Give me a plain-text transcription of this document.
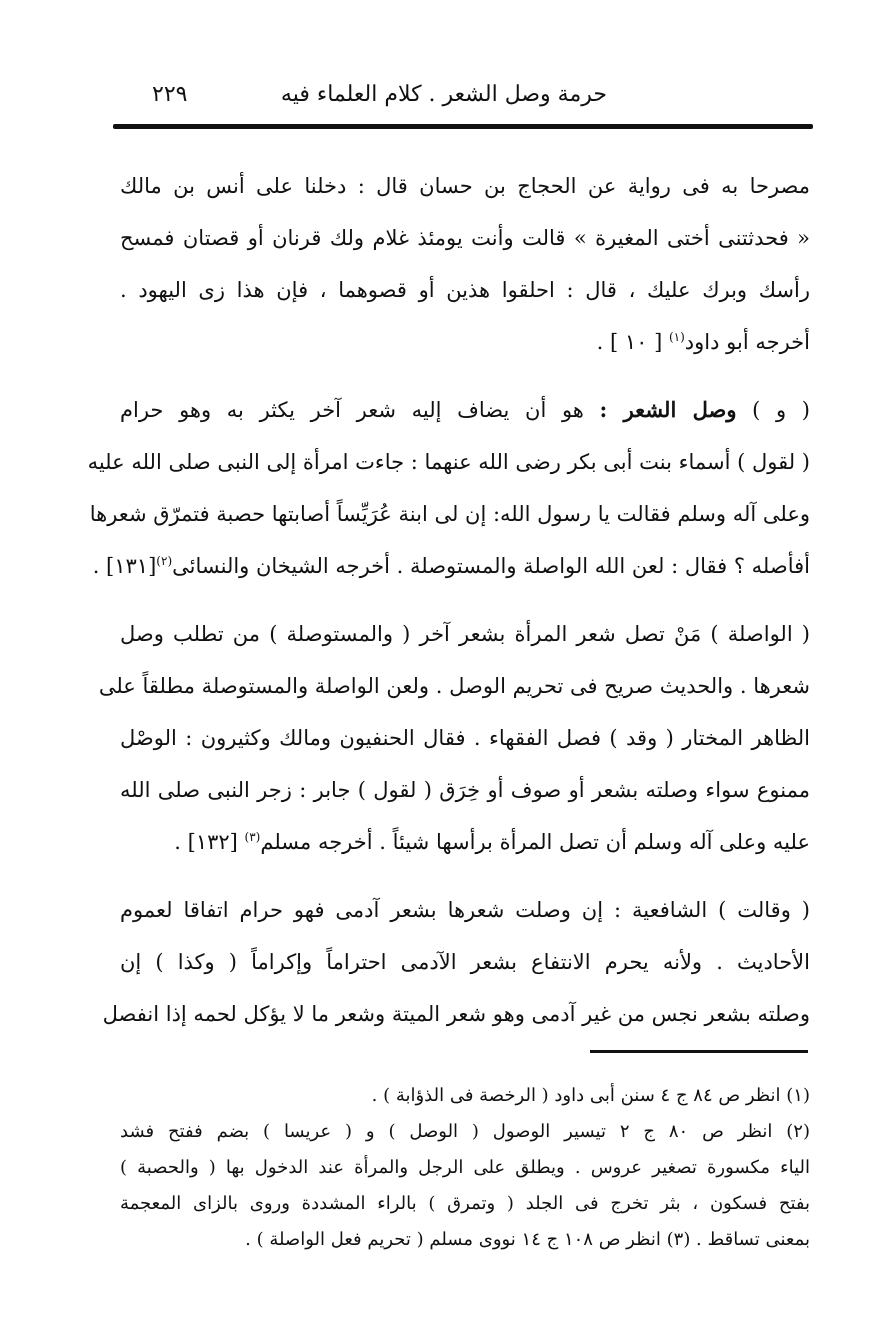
حرمة وصل الشعر . كلام العلماء فيه
٢٢٩

مصرحا به فى رواية عن الحجاج بن حسان قال : دخلنا على أنس بن مالك
« فحدثتنى أختى المغيرة » قالت وأنت يومئذ غلام ولك قرنان أو قصتان فمسح
رأسك وبرك عليك ، قال : احلقوا هذين أو قصوهما ، فإن هذا زى اليهود .
أخرجه أبو داود$^{(١)}$ [ ١٠ ] .

( و ) وصل الشعر : هو أن يضاف إليه شعر آخر يكثر به وهو حرام
( لقول ) أسماء بنت أبى بكر رضى الله عنهما : جاءت امرأة إلى النبى صلى الله عليه
وعلى آله وسلم فقالت يا رسول الله: إن لى ابنة عُرَيِّساً أصابتها حصبة فتمرّق شعرها
أفأصله ؟ فقال : لعن الله الواصلة والمستوصلة . أخرجه الشيخان والنسائى$^{(٢)}$[١٣١] .

( الواصلة ) مَنْ تصل شعر المرأة بشعر آخر ( والمستوصلة ) من تطلب وصل
شعرها . والحديث صريح فى تحريم الوصل . ولعن الواصلة والمستوصلة مطلقاً على
الظاهر المختار ( وقد ) فصل الفقهاء . فقال الحنفيون ومالك وكثيرون : الوصْل
ممنوع سواء وصلته بشعر أو صوف أو خِرَق ( لقول ) جابر : زجر النبى صلى الله
عليه وعلى آله وسلم أن تصل المرأة برأسها شيئاً . أخرجه مسلم$^{(٣)}$ [١٣٢] .

( وقالت ) الشافعية : إن وصلت شعرها بشعر آدمى فهو حرام اتفاقا لعموم
الأحاديث . ولأنه يحرم الانتفاع بشعر الآدمى احتراماً وإكراماً ( وكذا ) إن
وصلته بشعر نجس من غير آدمى وهو شعر الميتة وشعر ما لا يؤكل لحمه إذا انفصل

(١) انظر ص ٨٤ ج ٤ سنن أبى داود ( الرخصة فى الذؤابة ) .
(٢) انظر ص ٨٠ ج ٢ تيسير الوصول ( الوصل ) و ( عريسا ) بضم ففتح فشد
الياء مكسورة تصغير عروس . ويطلق على الرجل والمرأة عند الدخول بها ( والحصبة )
بفتح فسكون ، بثر تخرج فى الجلد ( وتمرق ) بالراء المشددة وروى بالزاى المعجمة
بمعنى تساقط . (٣) انظر ص ١٠٨ ج ١٤ نووى مسلم ( تحريم فعل الواصلة ) .
